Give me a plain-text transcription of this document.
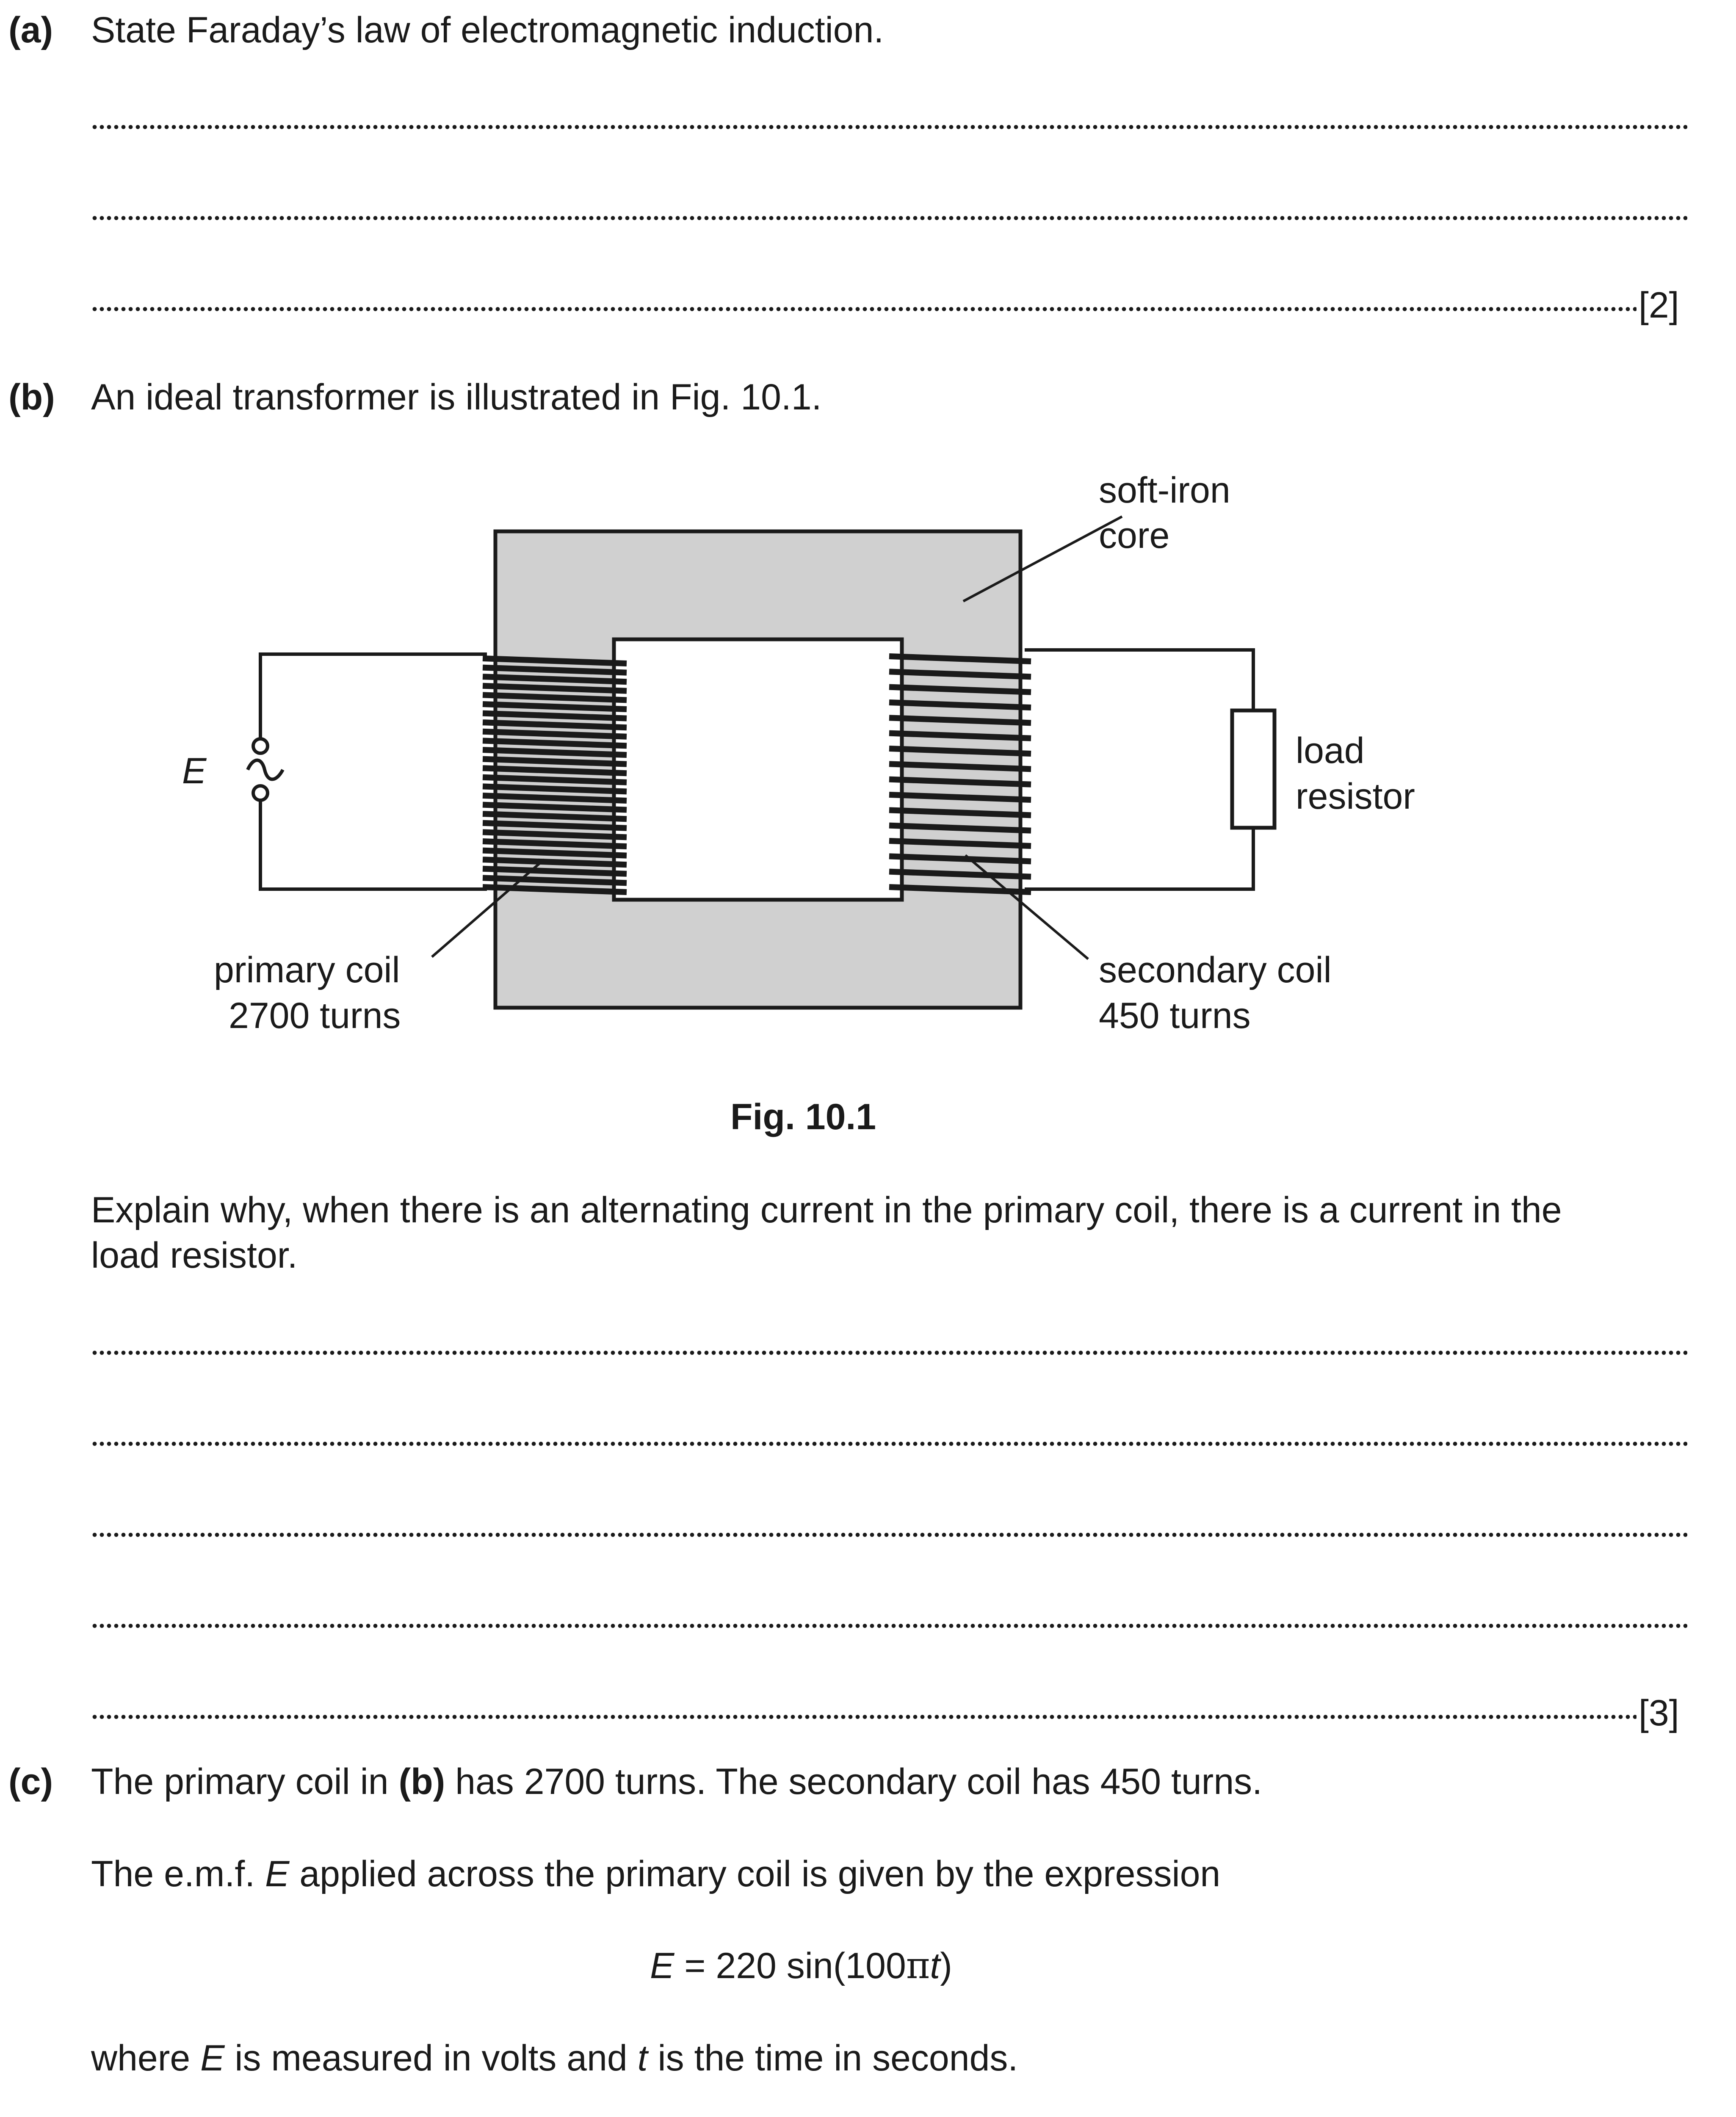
(a) State Faraday’s law of electromagnetic induction.
[2]
(b) An ideal transformer is illustrated in Fig. 10.1.
soft-iron
core
load
resistor
E
primary coil
2700 turns
secondary coil
450 turns
Fig. 10.1
Explain why, when there is an alternating current in the primary coil, there is a current in the
load resistor.
[3]
(c) The primary coil in (b) has 2700 turns. The secondary coil has 450 turns.
The e.m.f. E applied across the primary coil is given by the expression
E = 220 sin(100πt)
where E is measured in volts and t is the time in seconds.
